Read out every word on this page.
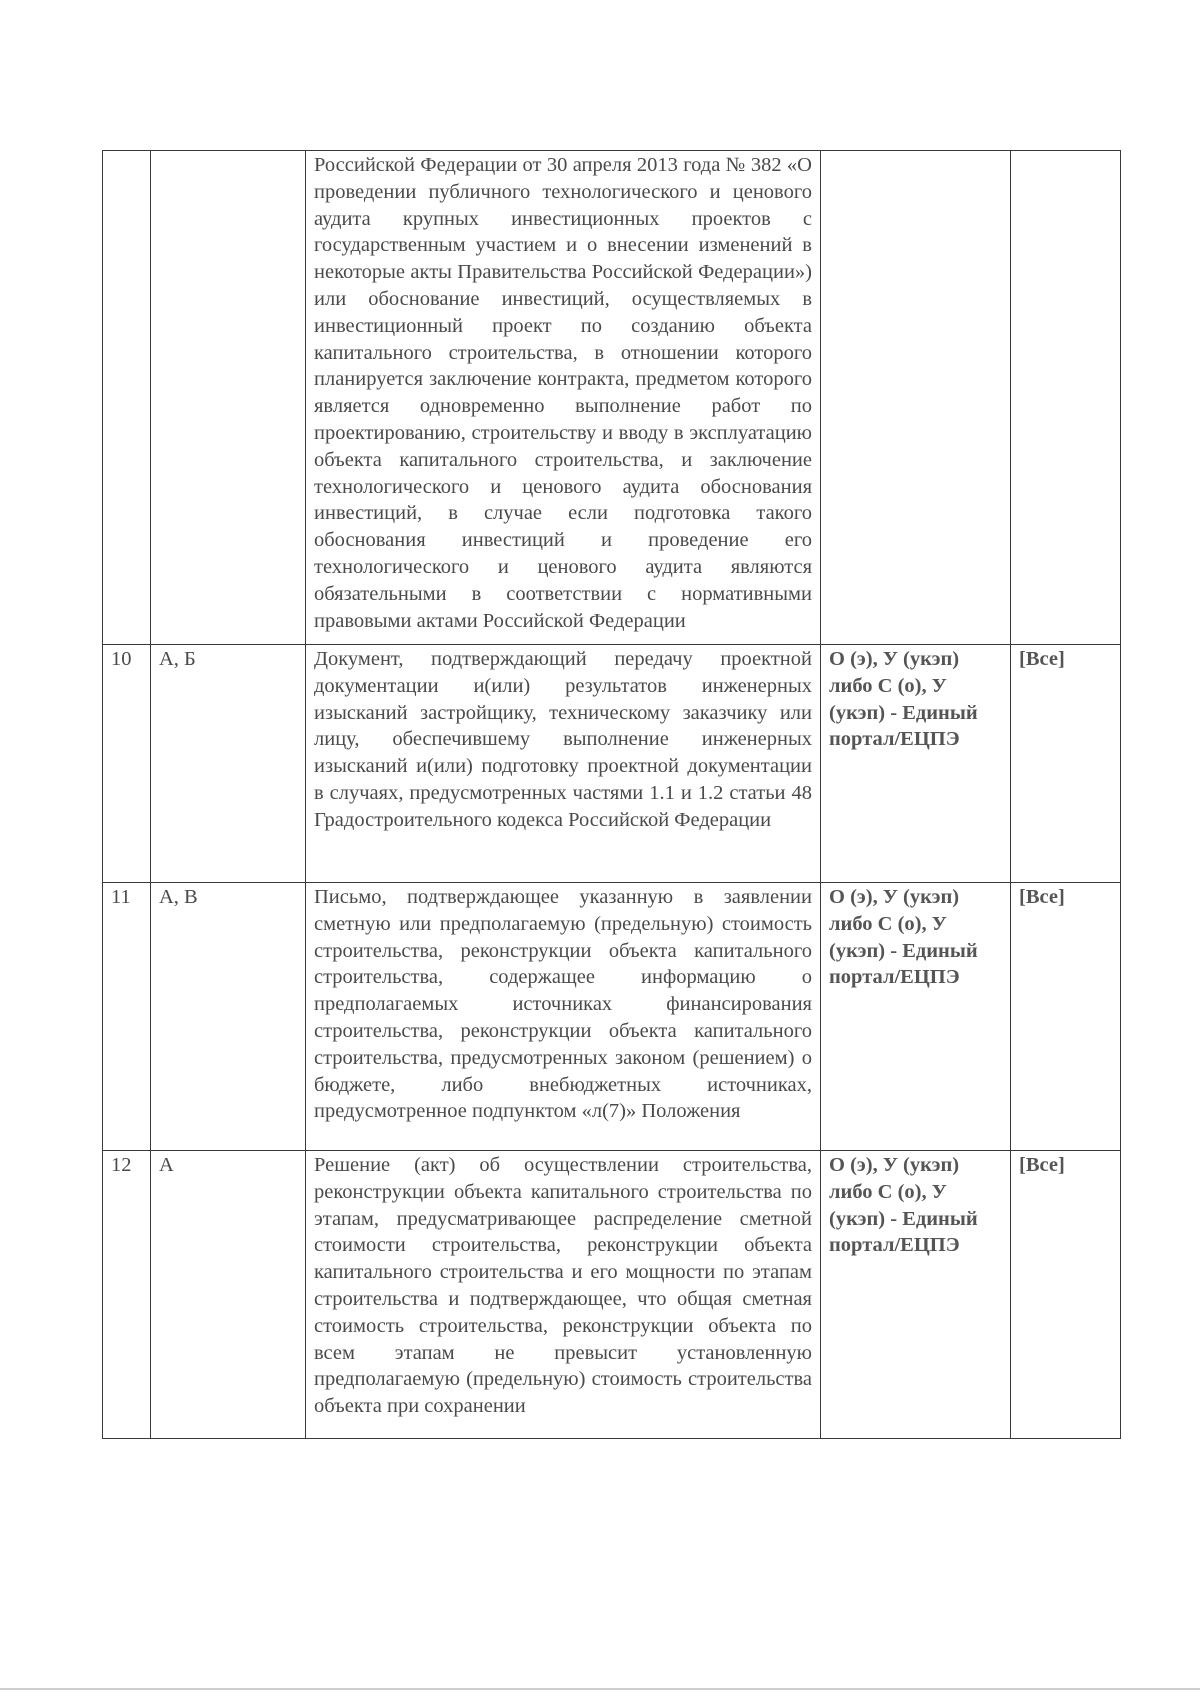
		Российской Федерации от 30 апреля 2013 года № 382 «О проведении публичного технологического и ценового аудита крупных инвестиционных проектов с государственным участием и о внесении изменений в некоторые акты Правительства Российской Федерации») или обоснование инвестиций, осуществляемых в инвестиционный проект по созданию объекта капитального строительства, в отношении которого планируется заключение контракта, предметом которого является одновременно выполнение работ по проектированию, строительству и вводу в эксплуатацию объекта капитального строительства, и заключение технологического и ценового аудита обоснования инвестиций, в случае если подготовка такого обоснования инвестиций и проведение его технологического и ценового аудита являются обязательными в соответствии с нормативными правовыми актами Российской Федерации		
10	А, Б	Документ, подтверждающий передачу проектной документации и(или) результатов инженерных изысканий застройщику, техническому заказчику или лицу, обеспечившему выполнение инженерных изысканий и(или) подготовку проектной документации в случаях, предусмотренных частями 1.1 и 1.2 статьи 48 Градостроительного кодекса Российской Федерации	О (э), У (укэп) либо С (о), У (укэп) - Единый портал/ЕЦПЭ	[Все]
11	А, В	Письмо, подтверждающее указанную в заявлении сметную или предполагаемую (предельную) стоимость строительства, реконструкции объекта капитального строительства, содержащее информацию о предполагаемых источниках финансирования строительства, реконструкции объекта капитального строительства, предусмотренных законом (решением) о бюджете, либо внебюджетных источниках, предусмотренное подпунктом «л(7)» Положения	О (э), У (укэп) либо С (о), У (укэп) - Единый портал/ЕЦПЭ	[Все]
12	А	Решение (акт) об осуществлении строительства, реконструкции объекта капитального строительства по этапам, предусматривающее распределение сметной стоимости строительства, реконструкции объекта капитального строительства и его мощности по этапам строительства и подтверждающее, что общая сметная стоимость строительства, реконструкции объекта по всем этапам не превысит установленную предполагаемую (предельную) стоимость строительства объекта при сохранении	О (э), У (укэп) либо С (о), У (укэп) - Единый портал/ЕЦПЭ	[Все]
